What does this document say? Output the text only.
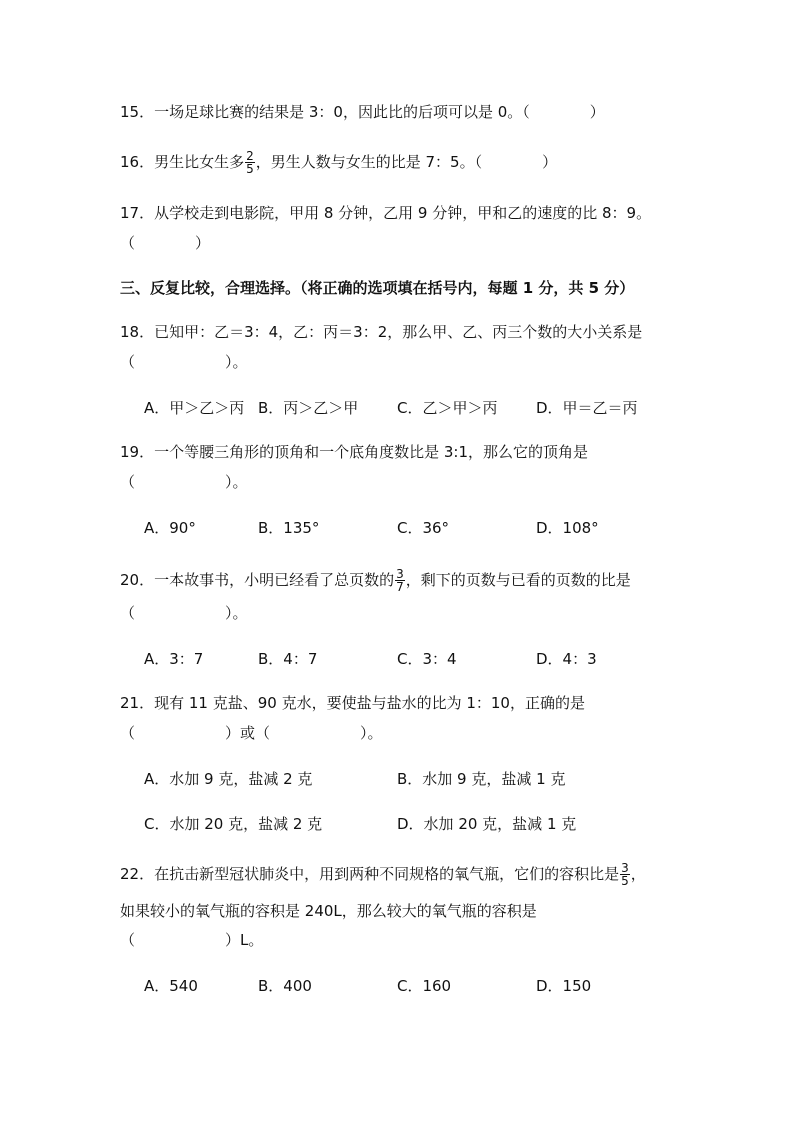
15．一场足球比赛的结果是 3：0，因此比的后项可以是 0。（　　　　）
16．男生比女生多 $\frac{2}{5}$ ，男生人数与女生的比是 7：5。（　　　　）
17．从学校走到电影院，甲用 8 分钟，乙用 9 分钟，甲和乙的速度的比 8：9。
（　　　　）
三、反复比较，合理选择。（将正确的选项填在括号内，每题 1 分，共 5 分）
18．已知甲：乙＝3：4，乙：丙＝3：2，那么甲、乙、丙三个数的大小关系是
（　　　　　　）。
A．甲＞乙＞丙 B．丙＞乙＞甲	C．乙＞甲＞丙	D．甲＝乙＝丙
19．一个等腰三角形的顶角和一个底角度数比是 3:1，那么它的顶角是
（　　　　　　）。
A．90°	B．135°	C．36°	D．108°
20．一本故事书，小明已经看了总页数的 $\frac{3}{7}$ ，剩下的页数与已看的页数的比是
（　　　　　　）。
A．3：7	B．4：7	C．3：4	D．4：3
21．现有 11 克盐、90 克水，要使盐与盐水的比为 1：10，正确的是
（　　　　　　）或（　　　　　　）。
A．水加 9 克，盐减 2 克	B．水加 9 克，盐减 1 克
C．水加 20 克，盐减 2 克	D．水加 20 克，盐减 1 克
22．在抗击新型冠状肺炎中，用到两种不同规格的氧气瓶，它们的容积比是 $\frac{3}{5}$ ，
如果较小的氧气瓶的容积是 240L，那么较大的氧气瓶的容积是
（　　　　　　）L。
A．540	B．400	C．160	D．150
